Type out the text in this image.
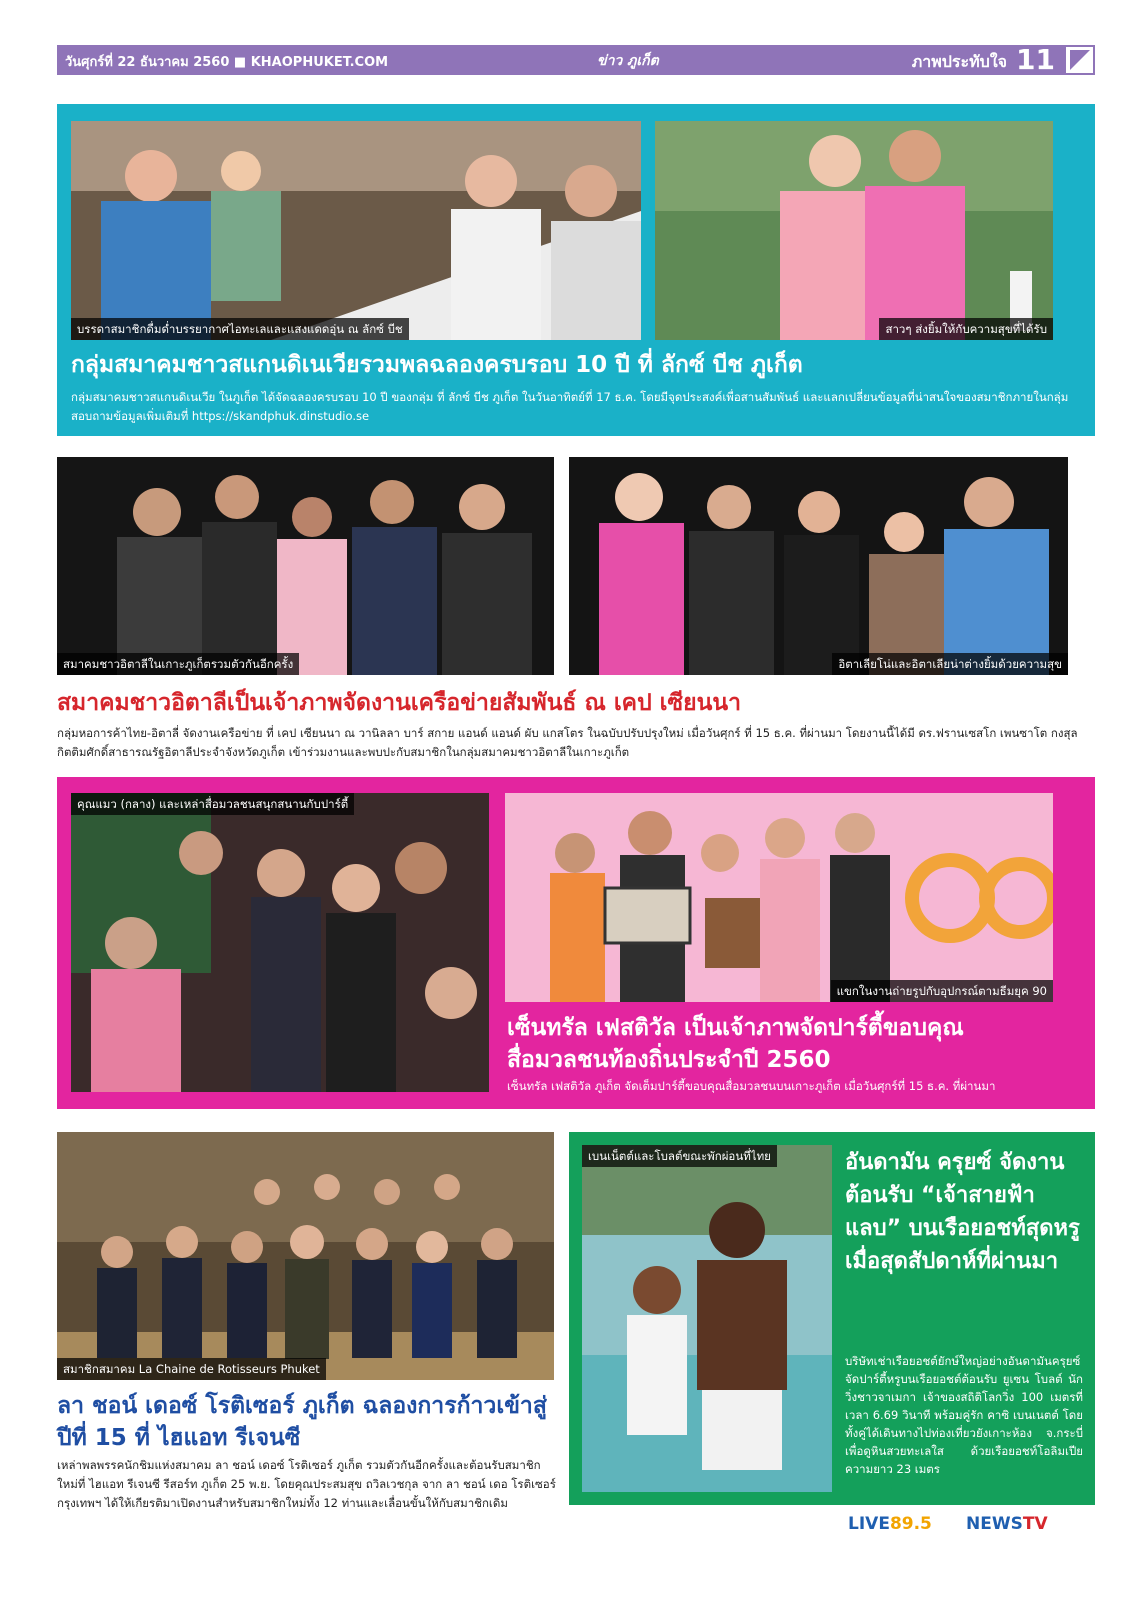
วันศุกร์ที่ 22 ธันวาคม 2560 ■ KHAOPHUKET.COM	ข่าว ภูเก็ต	ภาพประทับใจ 11
บรรดาสมาชิกดื่มด่ำบรรยากาศไอทะเลและแสงแดดอุ่น ณ ลักซ์ บีช	สาวๆ ส่งยิ้มให้กับความสุขที่ได้รับ
กลุ่มสมาคมชาวสแกนดิเนเวียรวมพลฉลองครบรอบ 10 ปี ที่ ลักซ์ บีช ภูเก็ต

กลุ่มสมาคมชาวสแกนดิเนเวีย ในภูเก็ต ได้จัดฉลองครบรอบ 10 ปี ของกลุ่ม ที่ ลักซ์ บีช ภูเก็ต ในวันอาทิตย์ที่ 17 ธ.ค. โดยมีจุดประสงค์เพื่อสานสัมพันธ์ และแลกเปลี่ยนข้อมูลที่น่าสนใจของสมาชิกภายในกลุ่ม สอบถามข้อมูลเพิ่มเติมที่ https://skandphuk.dinstudio.se

สมาคมชาวอิตาลีในเกาะภูเก็ตรวมตัวกันอีกครั้ง	อิตาเลียโน่และอิตาเลียน่าต่างยิ้มด้วยความสุข
สมาคมชาวอิตาลีเป็นเจ้าภาพจัดงานเครือข่ายสัมพันธ์ ณ เคป เซียนนา
กลุ่มหอการค้าไทย-อิตาลี่ จัดงานเครือข่าย ที่ เคป เซียนนา ณ วานิลลา บาร์ สกาย แอนด์ แอนด์ ผับ แกสโตร ในฉบับปรับปรุงใหม่ เมื่อวันศุกร์ ที่ 15 ธ.ค. ที่ผ่านมา โดยงานนี้ได้มี ดร.ฟรานเซสโก เพนซาโต กงสุลกิตติมศักดิ์สาธารณรัฐอิตาลีประจำจังหวัดภูเก็ต เข้าร่วมงานและพบปะกับสมาชิกในกลุ่มสมาคมชาวอิตาลีในเกาะภูเก็ต
คุณแมว (กลาง) และเหล่าสื่อมวลชนสนุกสนานกับปาร์ตี้
แขกในงานถ่ายรูปกับอุปกรณ์ตามธีมยุค 90
เซ็นทรัล เฟสติวัล เป็นเจ้าภาพจัดปาร์ตี้ขอบคุณ
สื่อมวลชนท้องถิ่นประจำปี 2560

เซ็นทรัล เฟสติวัล ภูเก็ต จัดเต็มปาร์ตี้ขอบคุณสื่อมวลชนบนเกาะภูเก็ต เมื่อวันศุกร์ที่ 15 ธ.ค. ที่ผ่านมา

สมาชิกสมาคม La Chaine de Rotisseurs Phuket
ลา ชอน์ เดอซ์ โรติเซอร์ ภูเก็ต ฉลองการก้าวเข้าสู่ปีที่ 15 ที่ ไฮแอท รีเจนซี
เหล่าพลพรรคนักชิมแห่งสมาคม ลา ชอน์ เดอซ์ โรติเซอร์ ภูเก็ต รวมตัวกันอีกครั้งและต้อนรับสมาชิกใหม่ที่ ไฮแอท รีเจนซี รีสอร์ท ภูเก็ต 25 พ.ย. โดยคุณประสมสุข ถวิลเวชกุล จาก ลา ชอน์ เดอ โรติเซอร์ กรุงเทพฯ ได้ให้เกียรติมาเปิดงานสำหรับสมาชิกใหม่ทั้ง 12 ท่านและเลื่อนขั้นให้กับสมาชิกเดิม
เบนเน็ตต์และโบลต์ขณะพักผ่อนที่ไทย	อันดามัน ครุยซ์ จัดงานต้อนรับ “เจ้าสายฟ้าแลบ” บนเรือยอชท์สุดหรูเมื่อสุดสัปดาห์ที่ผ่านมา

บริษัทเช่าเรือยอชต์ยักษ์ใหญ่อย่างอันดามันครุยซ์จัดปาร์ตี้หรูบนเรือยอชต์ต้อนรับ ยูเซน โบลต์ นักวิ่งชาวจาเมกา เจ้าของสถิติโลกวิ่ง 100 เมตรที่เวลา 6.69 วินาที พร้อมคู่รัก คาซิ เบนเนตต์ โดยทั้งคู่ได้เดินทางไปท่องเที่ยวยังเกาะห้อง จ.กระบี่ เพื่อดูหินสวยทะเลใส ด้วยเรือยอชท์โอลิมเปีย ความยาว 23 เมตร

LIVE89.5 NEWSTV
